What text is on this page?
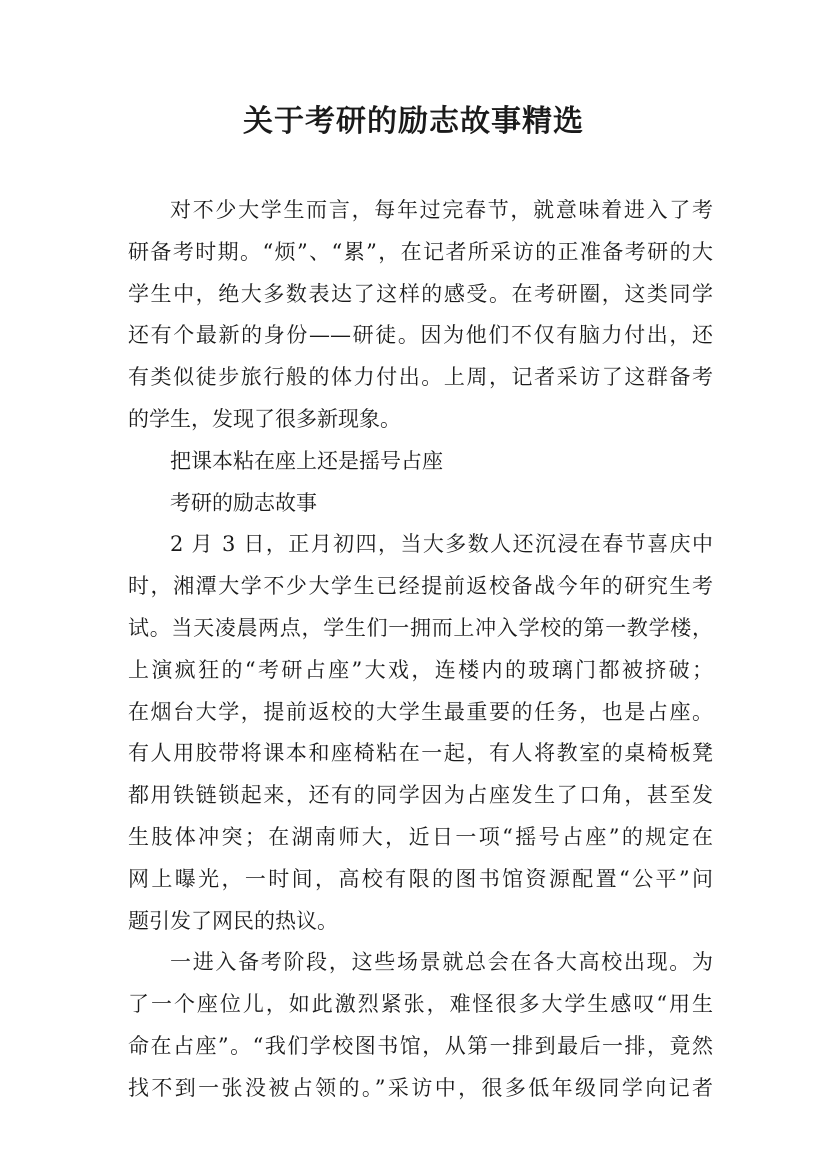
关于考研的励志故事精选
对不少大学生而言，每年过完春节，就意味着进入了考
研备考时期。“烦”、“累”，在记者所采访的正准备考研的大
学生中，绝大多数表达了这样的感受。在考研圈，这类同学
还有个最新的身份——研徒。因为他们不仅有脑力付出，还
有类似徒步旅行般的体力付出。上周，记者采访了这群备考
的学生，发现了很多新现象。
把课本粘在座上还是摇号占座
考研的励志故事
2 月 3 日，正月初四，当大多数人还沉浸在春节喜庆中
时，湘潭大学不少大学生已经提前返校备战今年的研究生考
试。当天凌晨两点，学生们一拥而上冲入学校的第一教学楼，
上演疯狂的“考研占座”大戏，连楼内的玻璃门都被挤破；
在烟台大学，提前返校的大学生最重要的任务，也是占座。
有人用胶带将课本和座椅粘在一起，有人将教室的桌椅板凳
都用铁链锁起来，还有的同学因为占座发生了口角，甚至发
生肢体冲突；在湖南师大，近日一项“摇号占座”的规定在
网上曝光，一时间，高校有限的图书馆资源配置“公平”问
题引发了网民的热议。
一进入备考阶段，这些场景就总会在各大高校出现。为
了一个座位儿，如此激烈紧张，难怪很多大学生感叹“用生
命在占座”。“我们学校图书馆，从第一排到最后一排，竟然
找不到一张没被占领的。”采访中，很多低年级同学向记者
